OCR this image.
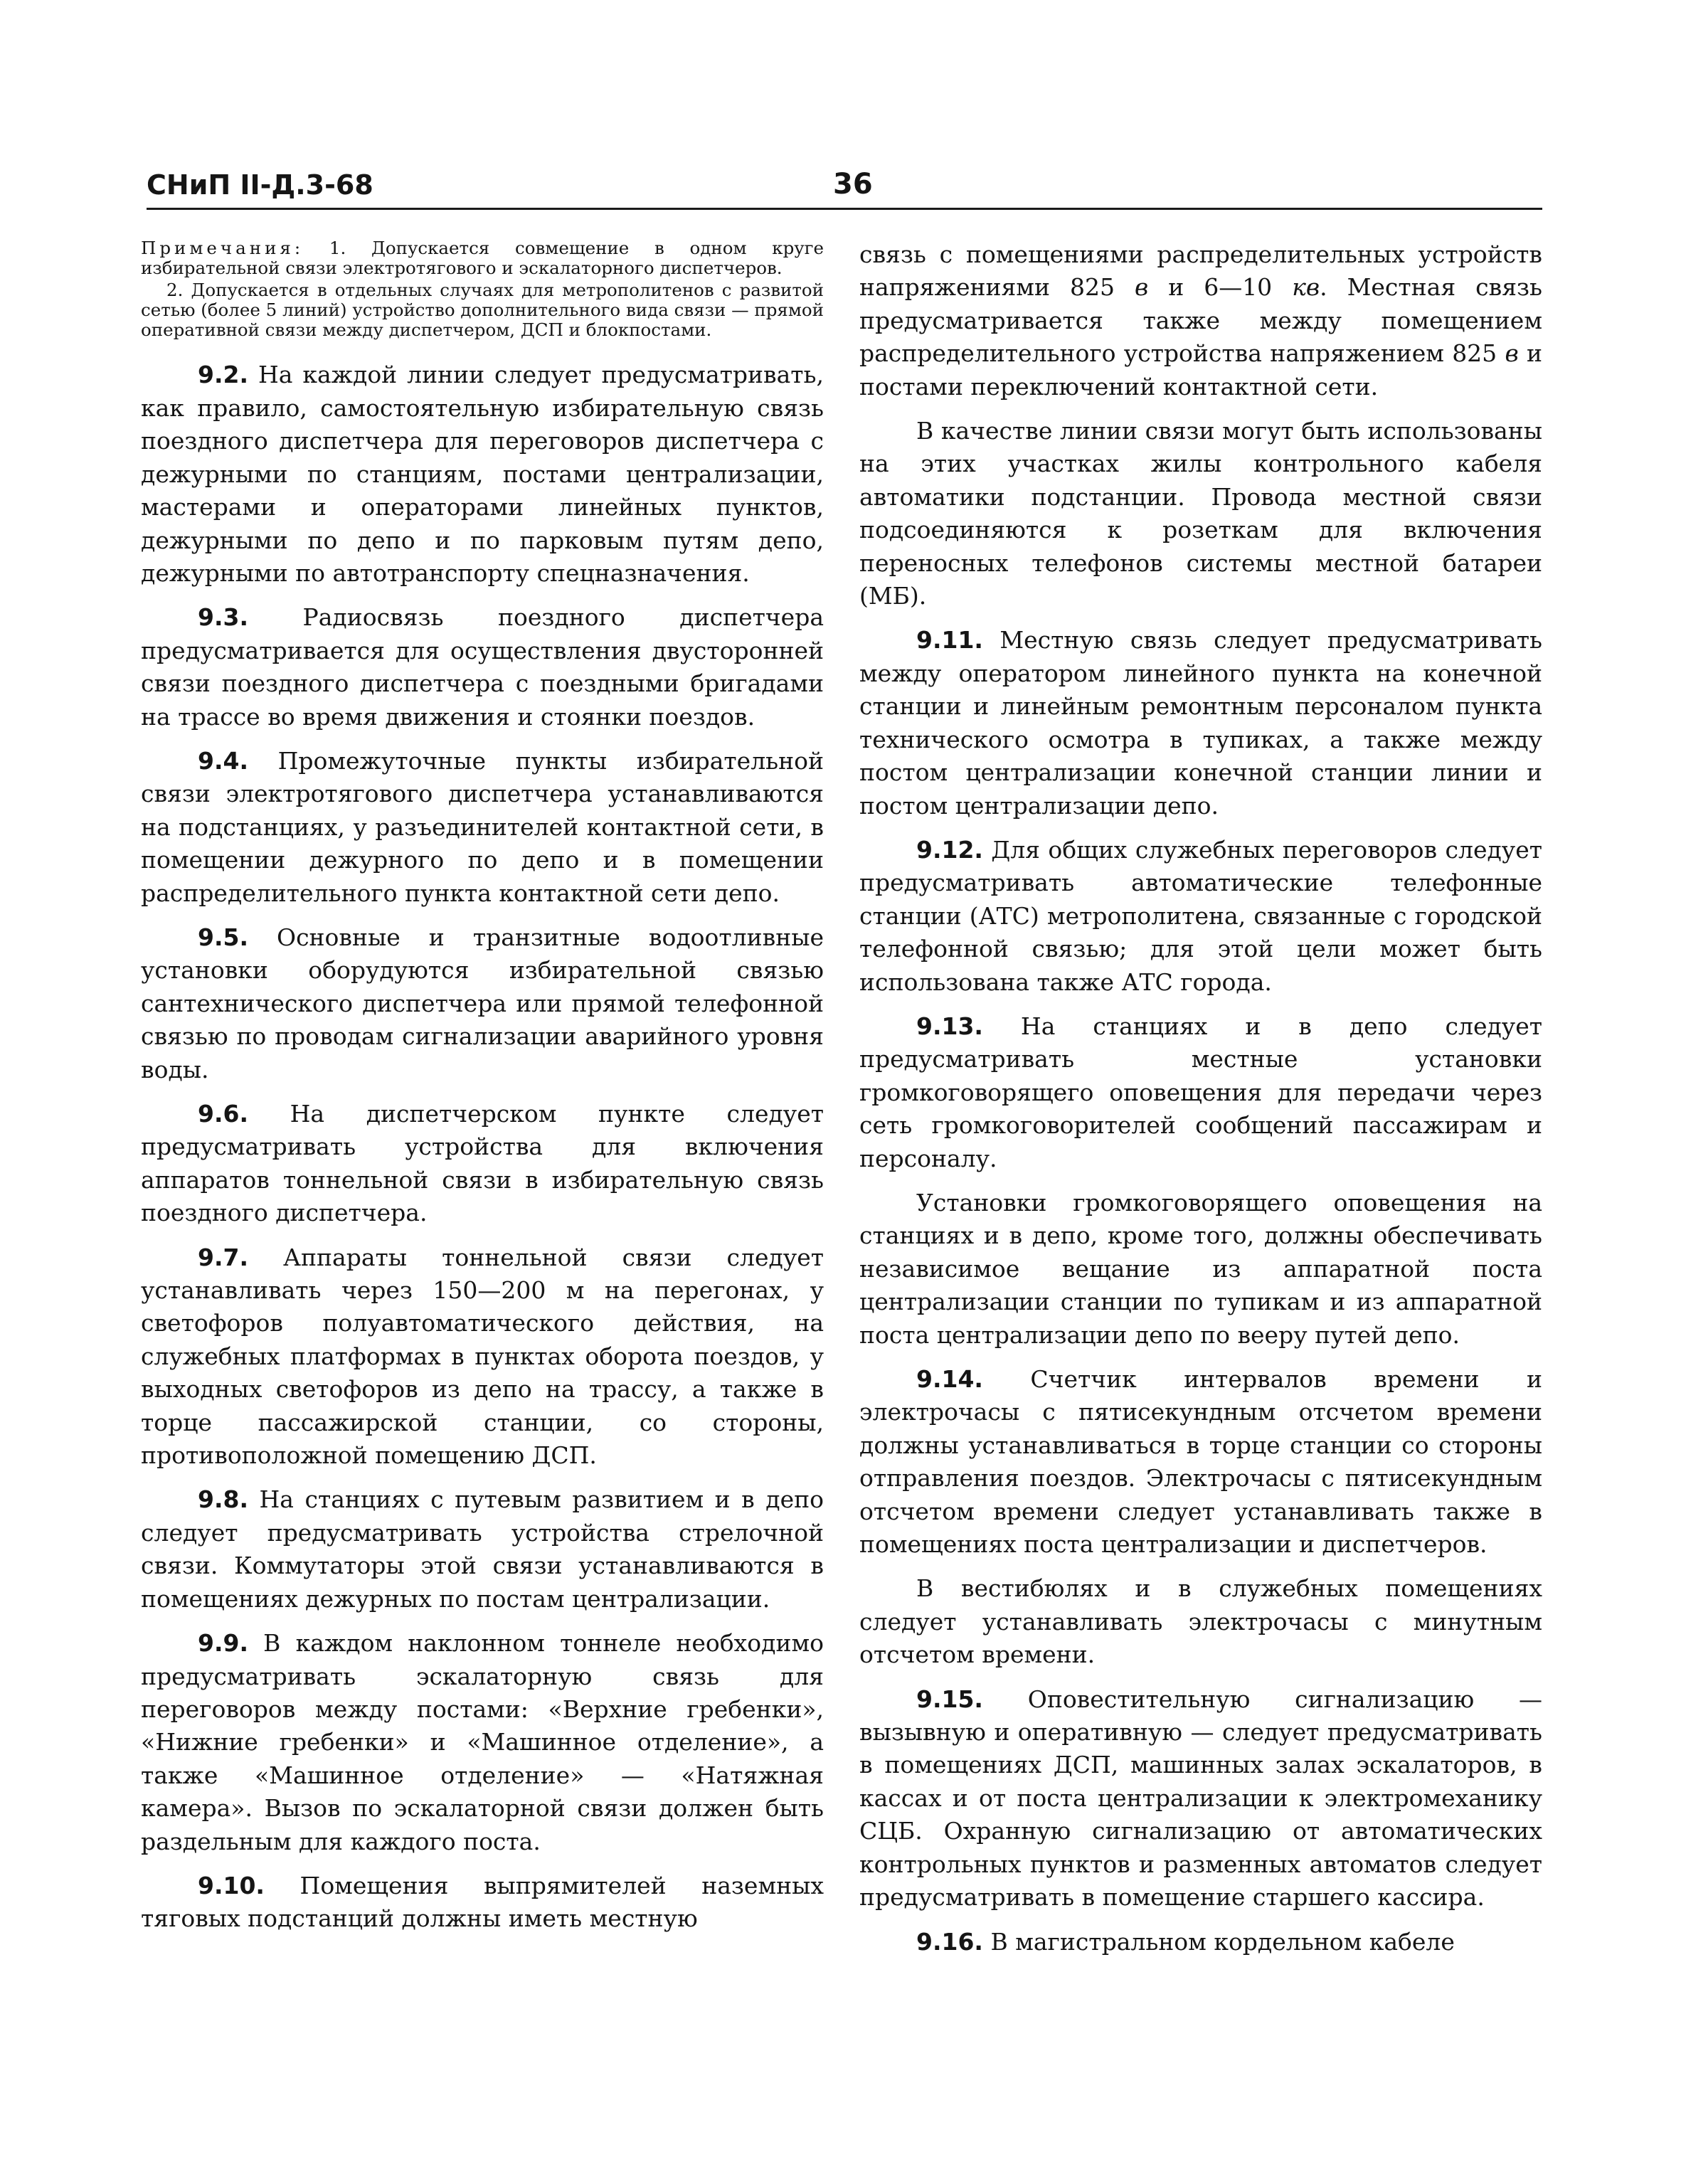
СНиП II-Д.3-68	36

Примечания: 1. Допускается совмещение в одном круге избирательной связи электротягового и эскалаторного диспетчеров.

2. Допускается в отдельных случаях для метрополитенов с развитой сетью (более 5 линий) устройство дополнительного вида связи — прямой оперативной связи между диспетчером, ДСП и блокпостами.

9.2. На каждой линии следует предусматривать, как правило, самостоятельную избирательную связь поездного диспетчера для переговоров диспетчера с дежурными по станциям, постами централизации, мастерами и операторами линейных пунктов, дежурными по депо и по парковым путям депо, дежурными по автотранспорту спецназначения.

9.3. Радиосвязь поездного диспетчера предусматривается для осуществления двусторонней связи поездного диспетчера с поездными бригадами на трассе во время движения и стоянки поездов.

9.4. Промежуточные пункты избирательной связи электротягового диспетчера устанавливаются на подстанциях, у разъединителей контактной сети, в помещении дежурного по депо и в помещении распределительного пункта контактной сети депо.

9.5. Основные и транзитные водоотливные установки оборудуются избирательной связью сантехнического диспетчера или прямой телефонной связью по проводам сигнализации аварийного уровня воды.

9.6. На диспетчерском пункте следует предусматривать устройства для включения аппаратов тоннельной связи в избирательную связь поездного диспетчера.

9.7. Аппараты тоннельной связи следует устанавливать через 150—200 м на перегонах, у светофоров полуавтоматического действия, на служебных платформах в пунктах оборота поездов, у выходных светофоров из депо на трассу, а также в торце пассажирской станции, со стороны, противоположной помещению ДСП.

9.8. На станциях с путевым развитием и в депо следует предусматривать устройства стрелочной связи. Коммутаторы этой связи устанавливаются в помещениях дежурных по постам централизации.

9.9. В каждом наклонном тоннеле необходимо предусматривать эскалаторную связь для переговоров между постами: «Верхние гребенки», «Нижние гребенки» и «Машинное отделение», а также «Машинное отделение» — «Натяжная камера». Вызов по эскалаторной связи должен быть раздельным для каждого поста.

9.10. Помещения выпрямителей наземных тяговых подстанций должны иметь местную

связь с помещениями распределительных устройств напряжениями 825 в и 6—10 кв. Местная связь предусматривается также между помещением распределительного устройства напряжением 825 в и постами переключений контактной сети.

В качестве линии связи могут быть использованы на этих участках жилы контрольного кабеля автоматики подстанции. Провода местной связи подсоединяются к розеткам для включения переносных телефонов системы местной батареи (МБ).

9.11. Местную связь следует предусматривать между оператором линейного пункта на конечной станции и линейным ремонтным персоналом пункта технического осмотра в тупиках, а также между постом централизации конечной станции линии и постом централизации депо.

9.12. Для общих служебных переговоров следует предусматривать автоматические телефонные станции (АТС) метрополитена, связанные с городской телефонной связью; для этой цели может быть использована также АТС города.

9.13. На станциях и в депо следует предусматривать местные установки громкоговорящего оповещения для передачи через сеть громкоговорителей сообщений пассажирам и персоналу.

Установки громкоговорящего оповещения на станциях и в депо, кроме того, должны обеспечивать независимое вещание из аппаратной поста централизации станции по тупикам и из аппаратной поста централизации депо по вееру путей депо.

9.14. Счетчик интервалов времени и электрочасы с пятисекундным отсчетом времени должны устанавливаться в торце станции со стороны отправления поездов. Электрочасы с пятисекундным отсчетом времени следует устанавливать также в помещениях поста централизации и диспетчеров.

В вестибюлях и в служебных помещениях следует устанавливать электрочасы с минутным отсчетом времени.

9.15. Оповестительную сигнализацию — вызывную и оперативную — следует предусматривать в помещениях ДСП, машинных залах эскалаторов, в кассах и от поста централизации к электромеханику СЦБ. Охранную сигнализацию от автоматических контрольных пунктов и разменных автоматов следует предусматривать в помещение старшего кассира.

9.16. В магистральном кордельном кабеле
